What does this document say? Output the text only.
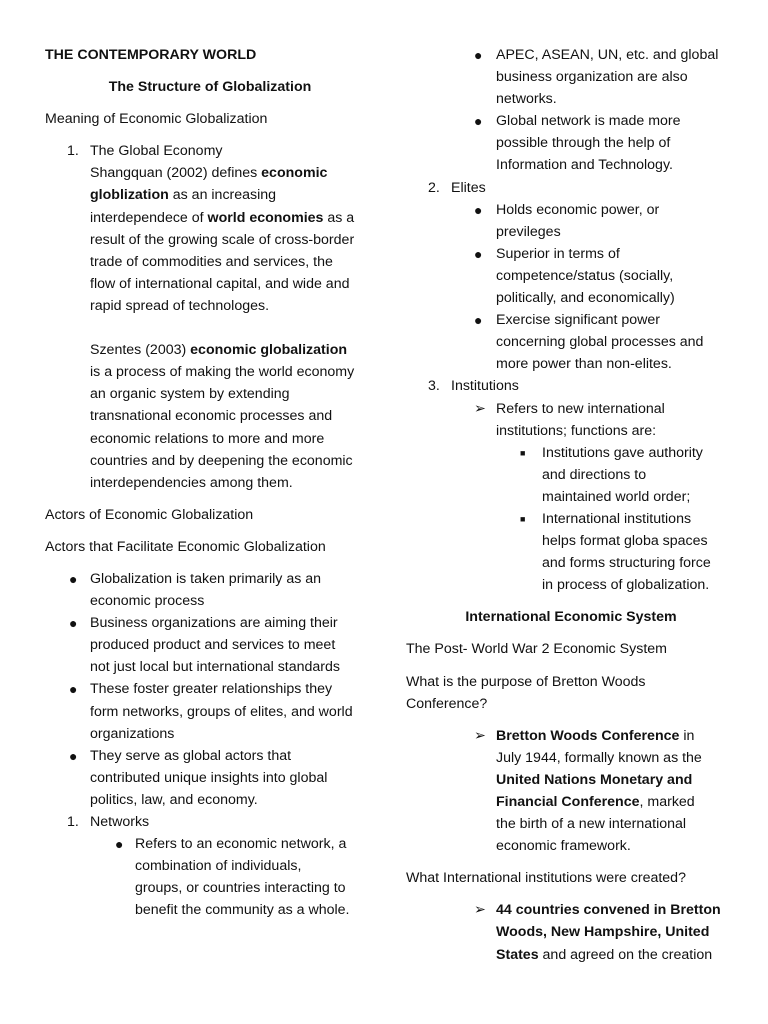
THE CONTEMPORARY WORLD

The Structure of Globalization

Meaning of Economic Globalization

1. The Global Economy

Shangquan (2002) defines economic

globlization as an increasing

interdependece of world economies as a

result of the growing scale of cross-border

trade of commodities and services, the

flow of international capital, and wide and

rapid spread of technologes.

Szentes (2003) economic globalization

is a process of making the world economy

an organic system by extending

transnational economic processes and

economic relations to more and more

countries and by deepening the economic

interdependencies among them.

Actors of Economic Globalization

Actors that Facilitate Economic Globalization

● Globalization is taken primarily as an

economic process

● Business organizations are aiming their

produced product and services to meet

not just local but international standards

● These foster greater relationships they

form networks, groups of elites, and world

organizations

● They serve as global actors that

contributed unique insights into global

politics, law, and economy.

1. Networks

● Refers to an economic network, a

combination of individuals,

groups, or countries interacting to

benefit the community as a whole.

● APEC, ASEAN, UN, etc. and global

business organization are also

networks.

● Global network is made more

possible through the help of

Information and Technology.

2. Elites

● Holds economic power, or

previleges

● Superior in terms of

competence/status (socially,

politically, and economically)

● Exercise significant power

concerning global processes and

more power than non-elites.

3. Institutions

➢ Refers to new international

institutions; functions are:

■ Institutions gave authority

and directions to

maintained world order;

■ International institutions

helps format globa spaces

and forms structuring force

in process of globalization.

International Economic System

The Post- World War 2 Economic System

What is the purpose of Bretton Woods

Conference?

➢ Bretton Woods Conference in

July 1944, formally known as the

United Nations Monetary and

Financial Conference, marked

the birth of a new international

economic framework.

What International institutions were created?

➢ 44 countries convened in Bretton

Woods, New Hampshire, United

States and agreed on the creation
